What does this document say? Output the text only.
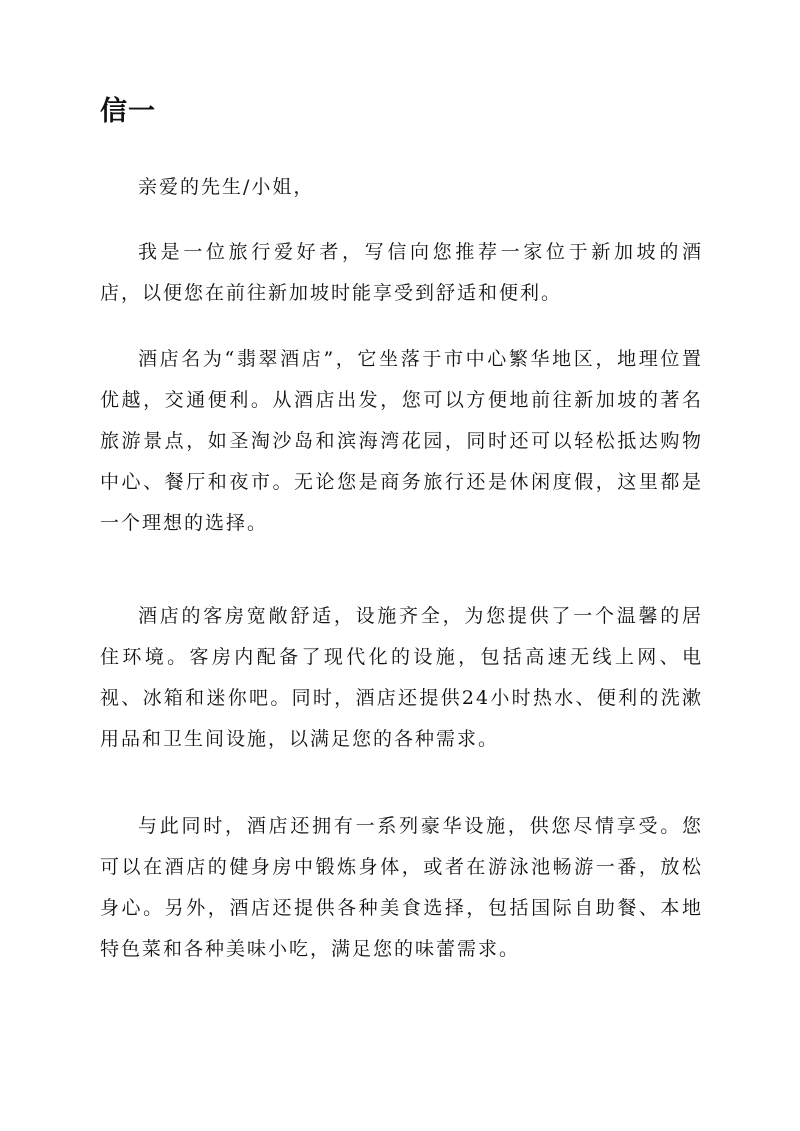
信一

亲爱的先生/小姐，

我是一位旅行爱好者，写信向您推荐一家位于新加坡的酒店，以便您在前往新加坡时能享受到舒适和便利。

酒店名为“翡翠酒店”，它坐落于市中心繁华地区，地理位置优越，交通便利。从酒店出发，您可以方便地前往新加坡的著名旅游景点，如圣淘沙岛和滨海湾花园，同时还可以轻松抵达购物中心、餐厅和夜市。无论您是商务旅行还是休闲度假，这里都是一个理想的选择。

酒店的客房宽敞舒适，设施齐全，为您提供了一个温馨的居住环境。客房内配备了现代化的设施，包括高速无线上网、电视、冰箱和迷你吧。同时，酒店还提供24小时热水、便利的洗漱用品和卫生间设施，以满足您的各种需求。

与此同时，酒店还拥有一系列豪华设施，供您尽情享受。您可以在酒店的健身房中锻炼身体，或者在游泳池畅游一番，放松身心。另外，酒店还提供各种美食选择，包括国际自助餐、本地特色菜和各种美味小吃，满足您的味蕾需求。
